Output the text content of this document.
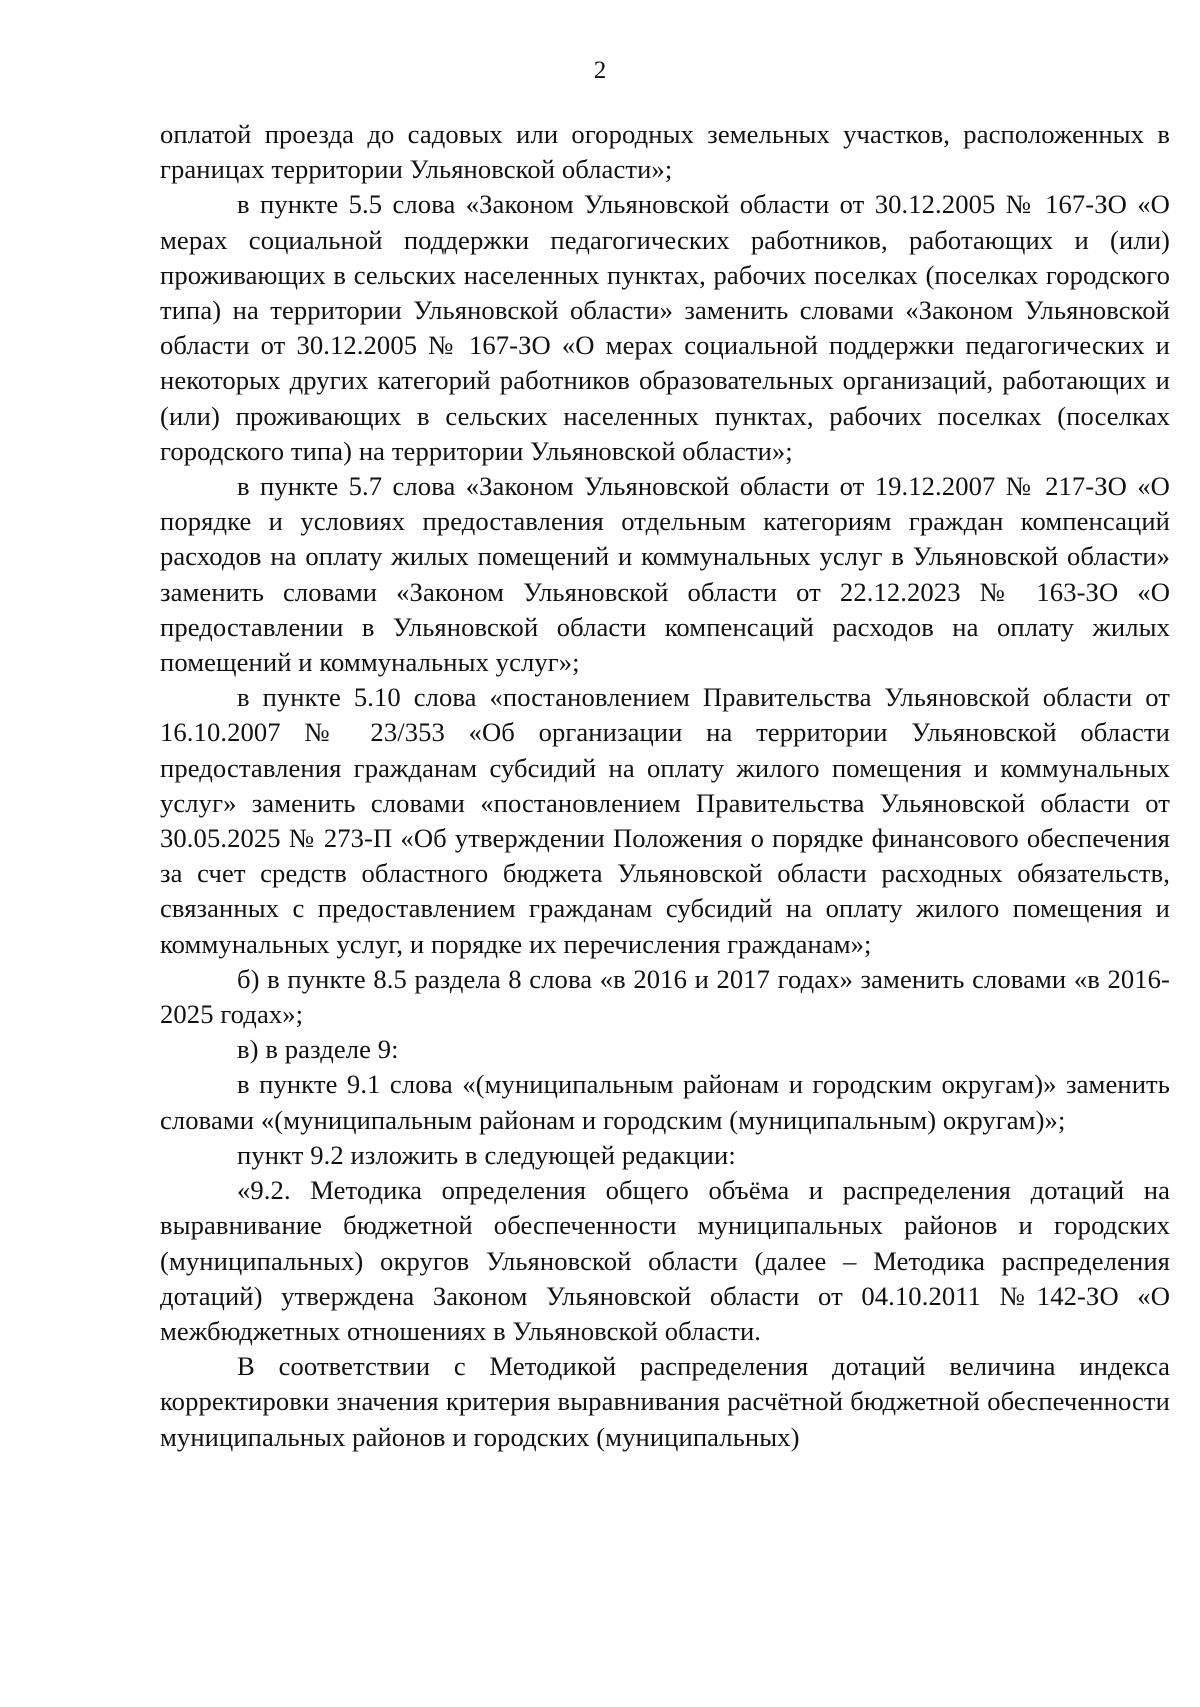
2

оплатой проезда до садовых или огородных земельных участков, расположенных в границах территории Ульяновской области»;

в пункте 5.5 слова «Законом Ульяновской области от 30.12.2005 № 167-ЗО «О мерах социальной поддержки педагогических работников, работающих и (или) проживающих в сельских населенных пунктах, рабочих поселках (поселках городского типа) на территории Ульяновской области» заменить словами «Законом Ульяновской области от 30.12.2005 № 167-ЗО «О мерах социальной поддержки педагогических и некоторых других категорий работников образовательных организаций, работающих и (или) проживающих в сельских населенных пунктах, рабочих поселках (поселках городского типа) на территории Ульяновской области»;

в пункте 5.7 слова «Законом Ульяновской области от 19.12.2007 № 217-ЗО «О порядке и условиях предоставления отдельным категориям граждан компенсаций расходов на оплату жилых помещений и коммунальных услуг в Ульяновской области» заменить словами «Законом Ульяновской области от 22.12.2023 № 163-ЗО «О предоставлении в Ульяновской области компенсаций расходов на оплату жилых помещений и коммунальных услуг»;

в пункте 5.10 слова «постановлением Правительства Ульяновской области от 16.10.2007 № 23/353 «Об организации на территории Ульяновской области предоставления гражданам субсидий на оплату жилого помещения и коммунальных услуг» заменить словами «постановлением Правительства Ульяновской области от 30.05.2025 № 273-П «Об утверждении Положения о порядке финансового обеспечения за счет средств областного бюджета Ульяновской области расходных обязательств, связанных с предоставлением гражданам субсидий на оплату жилого помещения и коммунальных услуг, и порядке их перечисления гражданам»;

б) в пункте 8.5 раздела 8 слова «в 2016 и 2017 годах» заменить словами «в 2016-2025 годах»;

в) в разделе 9:

в пункте 9.1 слова «(муниципальным районам и городским округам)» заменить словами «(муниципальным районам и городским (муниципальным) округам)»;

пункт 9.2 изложить в следующей редакции:

«9.2. Методика определения общего объёма и распределения дотаций на выравнивание бюджетной обеспеченности муниципальных районов и городских (муниципальных) округов Ульяновской области (далее – Методика распределения дотаций) утверждена Законом Ульяновской области от 04.10.2011 №142-ЗО «О межбюджетных отношениях в Ульяновской области.

В соответствии с Методикой распределения дотаций величина индекса корректировки значения критерия выравнивания расчётной бюджетной обеспеченности муниципальных районов и городских (муниципальных)
